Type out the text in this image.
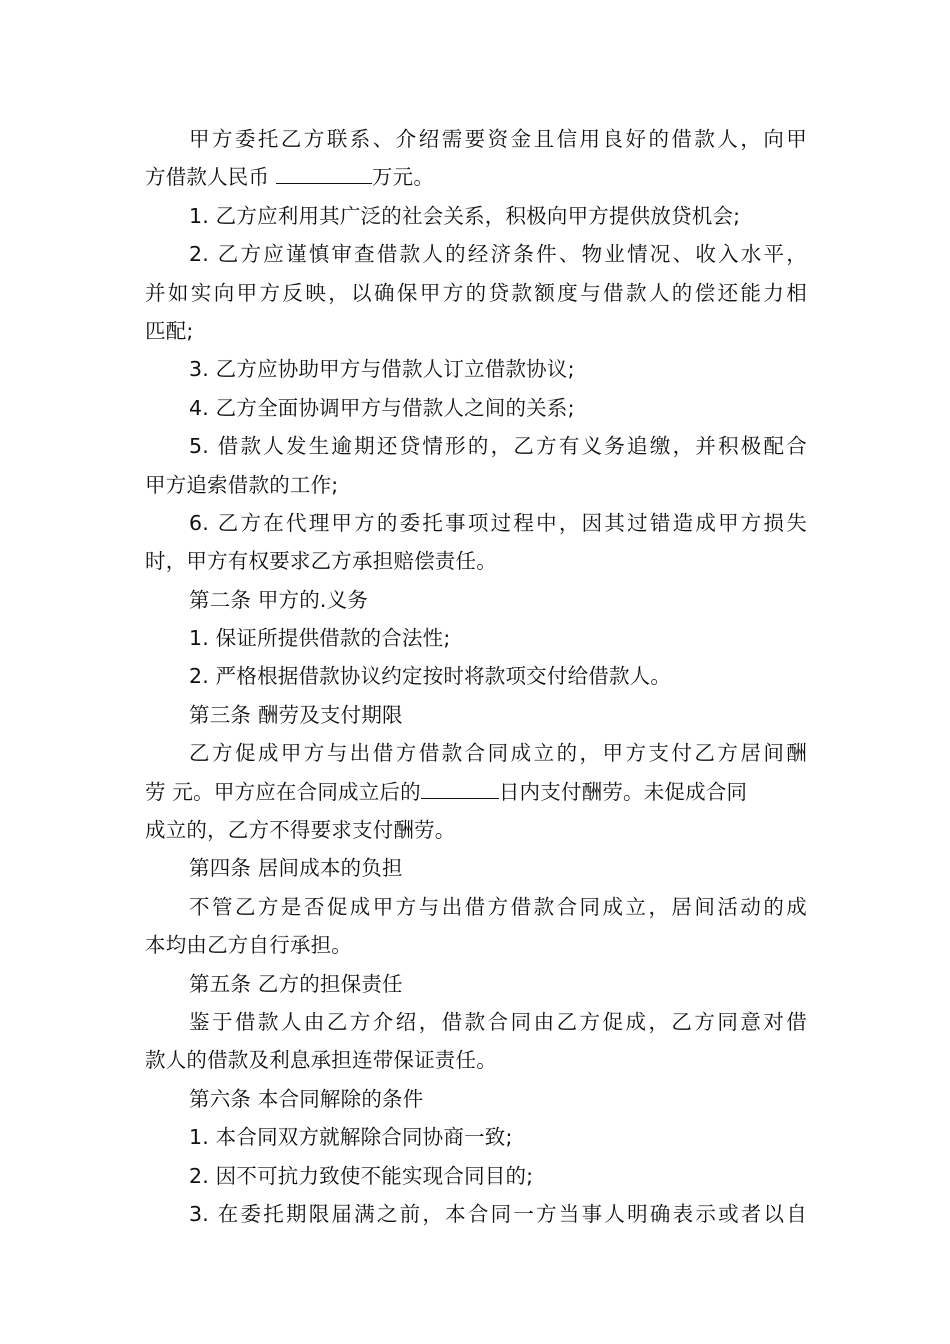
甲方委托乙方联系、介绍需要资金且信用良好的借款人，向甲
方借款人民币	万元。
1. 乙方应利用其广泛的社会关系，积极向甲方提供放贷机会;
2. 乙方应谨慎审查借款人的经济条件、物业情况、收入水平，
并如实向甲方反映，以确保甲方的贷款额度与借款人的偿还能力相
匹配;
3. 乙方应协助甲方与借款人订立借款协议;
4. 乙方全面协调甲方与借款人之间的关系;
5. 借款人发生逾期还贷情形的，乙方有义务追缴，并积极配合
甲方追索借款的工作;
6. 乙方在代理甲方的委托事项过程中，因其过错造成甲方损失
时，甲方有权要求乙方承担赔偿责任。
第二条 甲方的.义务
1. 保证所提供借款的合法性;
2. 严格根据借款协议约定按时将款项交付给借款人。
第三条 酬劳及支付期限
乙方促成甲方与出借方借款合同成立的，甲方支付乙方居间酬
劳 元。甲方应在合同成立后的	日内支付酬劳。未促成合同
成立的，乙方不得要求支付酬劳。
第四条 居间成本的负担
不管乙方是否促成甲方与出借方借款合同成立，居间活动的成
本均由乙方自行承担。
第五条 乙方的担保责任
鉴于借款人由乙方介绍，借款合同由乙方促成，乙方同意对借
款人的借款及利息承担连带保证责任。
第六条 本合同解除的条件
1. 本合同双方就解除合同协商一致;
2. 因不可抗力致使不能实现合同目的;
3. 在委托期限届满之前，本合同一方当事人明确表示或者以自
